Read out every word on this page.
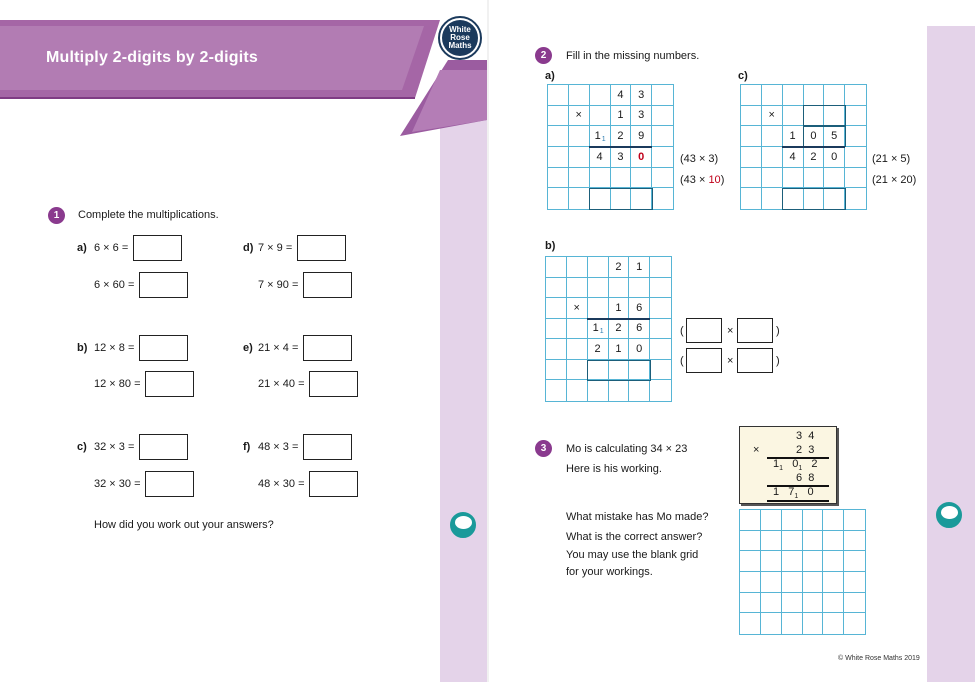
Multiply 2-digits by 2-digits
White
Rose
Maths
1	Complete the multiplications.
a) 6 × 6 =
6 × 60 =
d) 7 × 9 =
7 × 90 =
b) 12 × 8 =
12 × 80 =
e) 21 × 4 =
21 × 40 =
c) 32 × 3 =
32 × 30 =
f) 48 × 3 =
48 × 30 =
How did you work out your answers?
2	Fill in the missing numbers.
a)
4	3
×	1	3
$1_1$	2	9
4	3	0	(43 × 3)
(43 × 10)
c)
×
1	0	5
4	2	0	(21 × 5)
(21 × 20)
b)
2	1
×	1	6
$1_1$	2	6
2	1	0
(	×	)
(	×	)
3	Mo is calculating 34 × 23
Here is his working.
3  4
×	2  3
$1_1$ $0_1$ 2
6  8
1 $7_1$ 0
What mistake has Mo made?
What is the correct answer?
You may use the blank grid
for your workings.
© White Rose Maths 2019
